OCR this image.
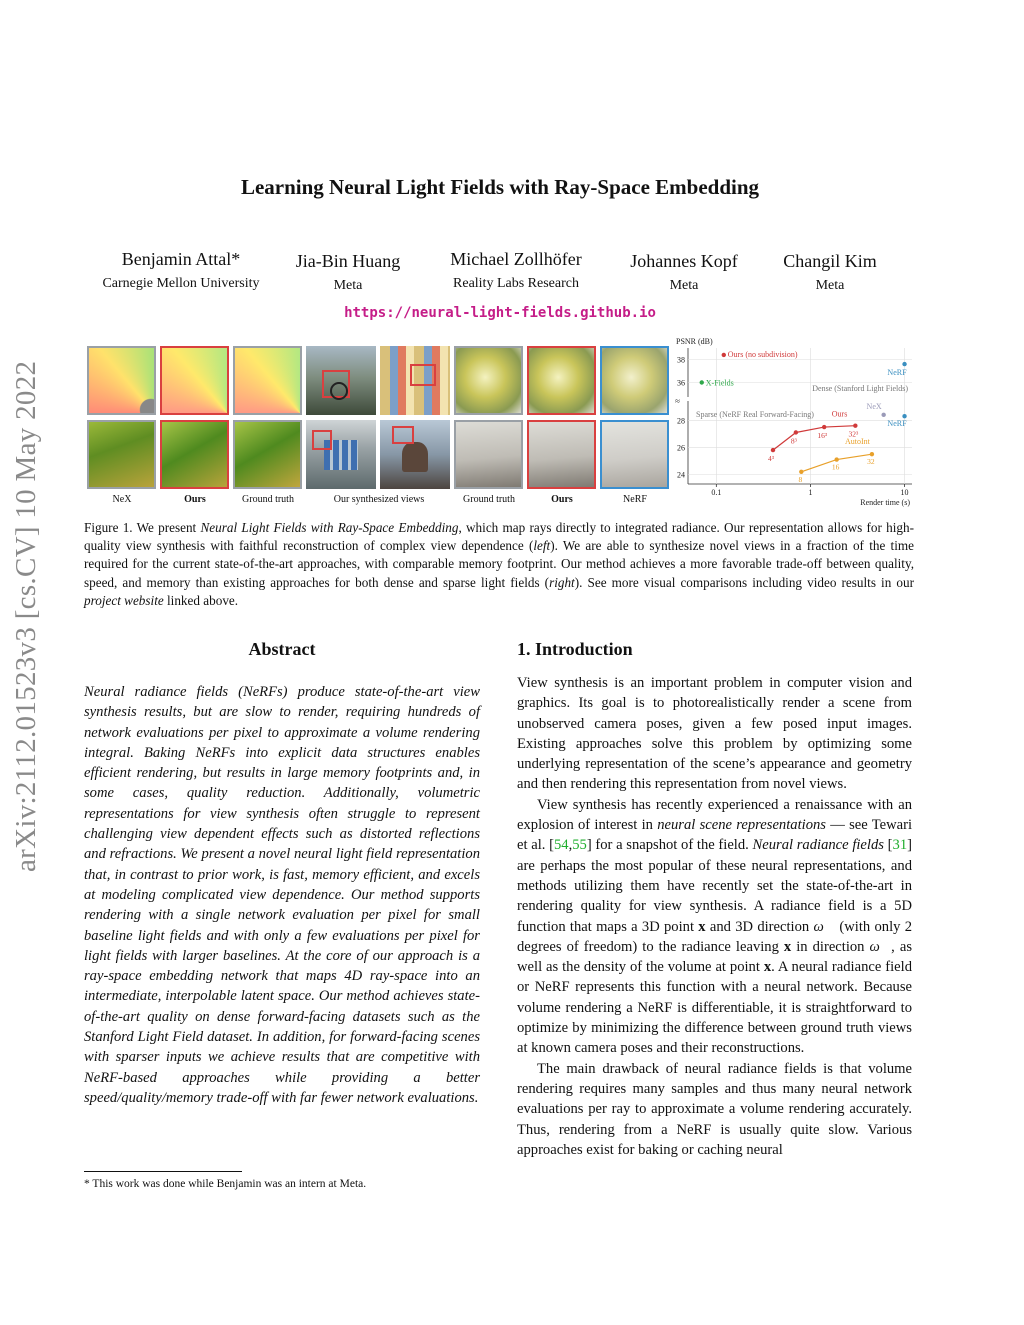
arXiv:2112.01523v3 [cs.CV] 10 May 2022
Learning Neural Light Fields with Ray-Space Embedding
Benjamin Attal*
Carnegie Mellon University
Jia-Bin Huang
Meta
Michael Zollhöfer
Reality Labs Research
Johannes Kopf
Meta
Changil Kim
Meta
https://neural-light-fields.github.io
NeX	Ours	Ground truth	Our synthesized views	Ground truth	Ours	NeRF
≈
38
36
28
26
24
0.1	1	10
PSNR (dB)
Render time (s)
Dense (Stanford Light Fields)
Sparse (NeRF Real Forward-Facing)
Ours (no subdivision)
NeRF
X-Fields
4³
8³
16³	32³
Ours
8
16
32
AutoInt
NeX
NeRF
Figure 1. We present Neural Light Fields with Ray-Space Embedding, which map rays directly to integrated radiance. Our representation allows for high-quality view synthesis with faithful reconstruction of complex view dependence (left). We are able to synthesize novel views in a fraction of the time required for the current state-of-the-art approaches, with comparable memory footprint. Our method achieves a more favorable trade-off between quality, speed, and memory than existing approaches for both dense and sparse light fields (right). See more visual comparisons including video results in our project website linked above.
Abstract
Neural radiance fields (NeRFs) produce state-of-the-art view synthesis results, but are slow to render, requiring hundreds of network evaluations per pixel to approximate a volume rendering integral. Baking NeRFs into explicit data structures enables efficient rendering, but results in large memory footprints and, in some cases, quality reduction. Additionally, volumetric representations for view synthesis often struggle to represent challenging view dependent effects such as distorted reflections and refractions. We present a novel neural light field representation that, in contrast to prior work, is fast, memory efficient, and excels at modeling complicated view dependence. Our method supports rendering with a single network evaluation per pixel for small baseline light fields and with only a few evaluations per pixel for light fields with larger baselines. At the core of our approach is a ray-space embedding network that maps 4D ray-space into an intermediate, interpolable latent space. Our method achieves state-of-the-art quality on dense forward-facing datasets such as the Stanford Light Field dataset. In addition, for forward-facing scenes with sparser inputs we achieve results that are competitive with NeRF-based approaches while providing a better speed/quality/memory trade-off with far fewer network evaluations.
1. Introduction

View synthesis is an important problem in computer vision and graphics. Its goal is to photorealistically render a scene from unobserved camera poses, given a few posed input images. Existing approaches solve this problem by optimizing some underlying representation of the scene’s appearance and geometry and then rendering this representation from novel views.

View synthesis has recently experienced a renaissance with an explosion of interest in neural scene representations — see Tewari et al. [54,55] for a snapshot of the field. Neural radiance fields [31] are perhaps the most popular of these neural representations, and methods utilizing them have recently set the state-of-the-art in rendering quality for view synthesis. A radiance field is a 5D function that maps a 3D point x and 3D direction ω⃗ (with only 2 degrees of freedom) to the radiance leaving x in direction ω⃗, as well as the density of the volume at point x. A neural radiance field or NeRF represents this function with a neural network. Because volume rendering a NeRF is differentiable, it is straightforward to optimize by minimizing the difference between ground truth views at known camera poses and their reconstructions.

The main drawback of neural radiance fields is that volume rendering requires many samples and thus many neural network evaluations per ray to approximate a volume rendering accurately. Thus, rendering from a NeRF is usually quite slow. Various approaches exist for baking or caching neural

* This work was done while Benjamin was an intern at Meta.
